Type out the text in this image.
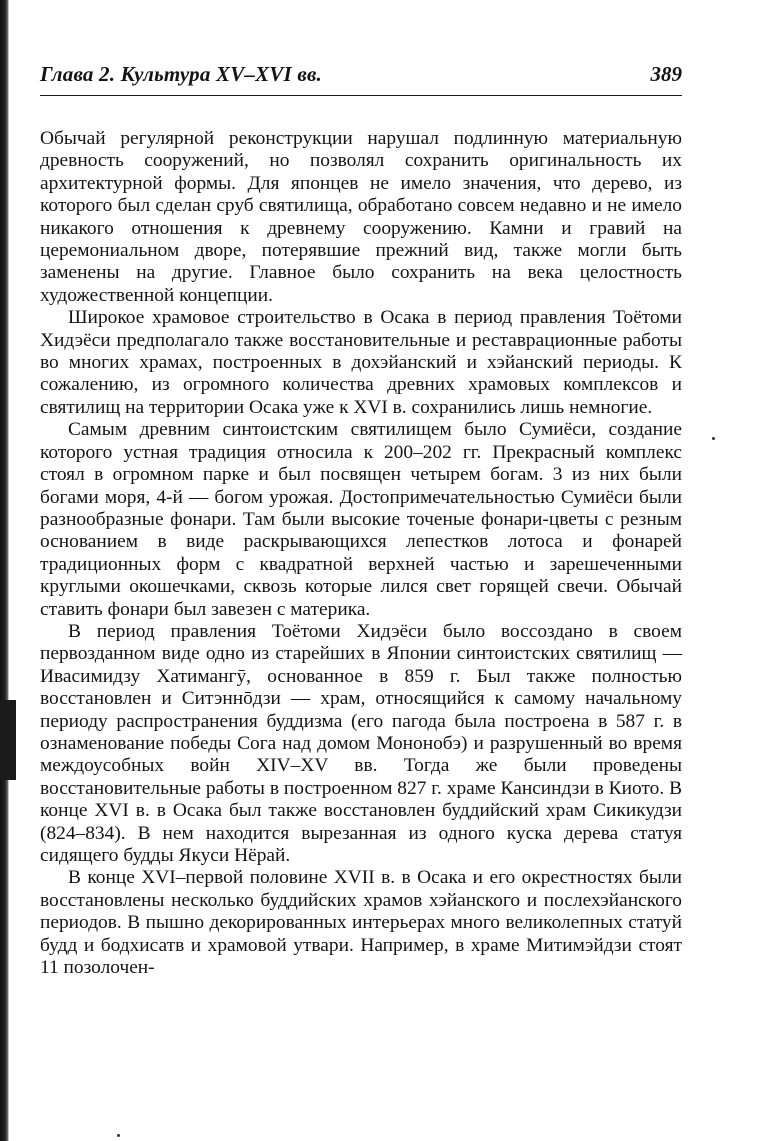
Глава 2. Культура XV–XVI вв.	389

Обычай регулярной реконструкции нарушал подлинную материальную древность сооружений, но позволял сохранить оригинальность их архитектурной формы. Для японцев не имело значения, что дерево, из которого был сделан сруб святилища, обработано совсем недавно и не имело никакого отношения к древнему сооружению. Камни и гравий на церемониальном дворе, потерявшие прежний вид, также могли быть заменены на другие. Главное было сохранить на века целостность художественной концепции.

Широкое храмовое строительство в Осака в период правления Тоётоми Хидэёси предполагало также восстановительные и реставрационные работы во многих храмах, построенных в дохэйанский и хэйанский периоды. К сожалению, из огромного количества древних храмовых комплексов и святилищ на территории Осака уже к XVI в. сохранились лишь немногие.

Самым древним синтоистским святилищем было Сумиёси, создание которого устная традиция относила к 200–202 гг. Прекрасный комплекс стоял в огромном парке и был посвящен четырем богам. 3 из них были богами моря, 4-й — богом урожая. Достопримечательностью Сумиёси были разнообразные фонари. Там были высокие точеные фонари-цветы с резным основанием в виде раскрывающихся лепестков лотоса и фонарей традиционных форм с квадратной верхней частью и зарешеченными круглыми окошечками, сквозь которые лился свет горящей свечи. Обычай ставить фонари был завезен с материка.

В период правления Тоётоми Хидэёси было воссоздано в своем первозданном виде одно из старейших в Японии синтоистских святилищ — Ивасимидзу Хатимангӯ, основанное в 859 г. Был также полностью восстановлен и Ситэннōдзи — храм, относящийся к самому начальному периоду распространения буддизма (его пагода была построена в 587 г. в ознаменование победы Сога над домом Мононобэ) и разрушенный во время междоусобных войн XIV–XV вв. Тогда же были проведены восстановительные работы в построенном 827 г. храме Кансиндзи в Киото. В конце XVI в. в Осака был также восстановлен буддийский храм Сикикудзи (824–834). В нем находится вырезанная из одного куска дерева статуя сидящего будды Якуси Нёрай.

В конце XVI–первой половине XVII в. в Осака и его окрестностях были восстановлены несколько буддийских храмов хэйанского и послехэйанского периодов. В пышно декорированных интерьерах много великолепных статуй будд и бодхисатв и храмовой утвари. Например, в храме Митимэйдзи стоят 11 позолочен-
